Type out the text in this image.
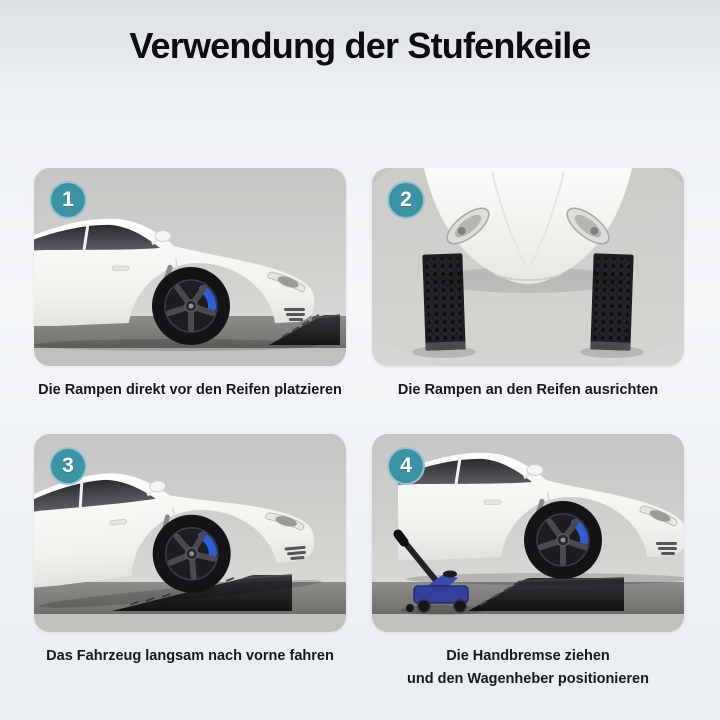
Verwendung der Stufenkeile
1
Die Rampen direkt vor den Reifen platzieren
2
Die Rampen an den Reifen ausrichten
3
Das Fahrzeug langsam nach vorne fahren
4
Die Handbremse ziehen
und den Wagenheber positionieren
